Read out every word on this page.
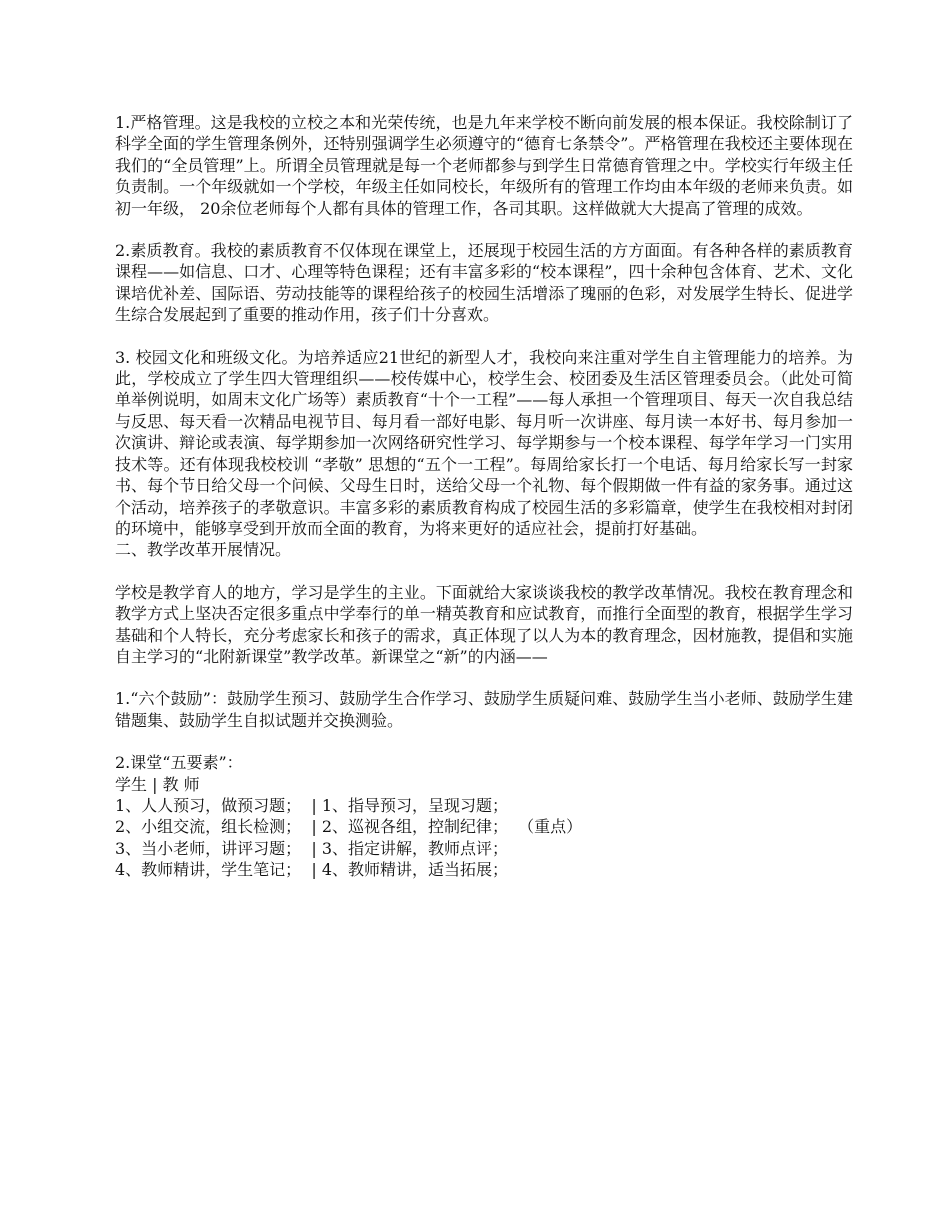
1.严格管理。这是我校的立校之本和光荣传统，也是九年来学校不断向前发展的根本保证。我校除制订了科学全面的学生管理条例外，还特别强调学生必须遵守的“德育七条禁令”。严格管理在我校还主要体现在我们的“全员管理”上。所谓全员管理就是每一个老师都参与到学生日常德育管理之中。学校实行年级主任负责制。一个年级就如一个学校，年级主任如同校长，年级所有的管理工作均由本年级的老师来负责。如初一年级， 20余位老师每个人都有具体的管理工作，各司其职。这样做就大大提高了管理的成效。

2.素质教育。我校的素质教育不仅体现在课堂上，还展现于校园生活的方方面面。有各种各样的素质教育课程——如信息、口才、心理等特色课程；还有丰富多彩的“校本课程”，四十余种包含体育、艺术、文化课培优补差、国际语、劳动技能等的课程给孩子的校园生活增添了瑰丽的色彩，对发展学生特长、促进学生综合发展起到了重要的推动作用，孩子们十分喜欢。

3. 校园文化和班级文化。为培养适应21世纪的新型人才，我校向来注重对学生自主管理能力的培养。为此，学校成立了学生四大管理组织——校传媒中心，校学生会、校团委及生活区管理委员会。（此处可简单举例说明，如周末文化广场等）素质教育“十个一工程”——每人承担一个管理项目、每天一次自我总结与反思、每天看一次精品电视节目、每月看一部好电影、每月听一次讲座、每月读一本好书、每月参加一次演讲、辩论或表演、每学期参加一次网络研究性学习、每学期参与一个校本课程、每学年学习一门实用技术等。还有体现我校校训 “孝敬” 思想的“五个一工程”。每周给家长打一个电话、每月给家长写一封家书、每个节日给父母一个问候、父母生日时，送给父母一个礼物、每个假期做一件有益的家务事。通过这个活动，培养孩子的孝敬意识。丰富多彩的素质教育构成了校园生活的多彩篇章，使学生在我校相对封闭的环境中，能够享受到开放而全面的教育，为将来更好的适应社会，提前打好基础。

二、教学改革开展情况。

学校是教学育人的地方，学习是学生的主业。下面就给大家谈谈我校的教学改革情况。我校在教育理念和教学方式上坚决否定很多重点中学奉行的单一精英教育和应试教育，而推行全面型的教育，根据学生学习基础和个人特长，充分考虑家长和孩子的需求，真正体现了以人为本的教育理念，因材施教，提倡和实施自主学习的“北附新课堂”教学改革。新课堂之“新”的内涵——

1.“六个鼓励”：鼓励学生预习、鼓励学生合作学习、鼓励学生质疑问难、鼓励学生当小老师、鼓励学生建错题集、鼓励学生自拟试题并交换测验。

2.课堂“五要素”：

学生 | 教 师

1、人人预习，做预习题；  | 1、指导预习，呈现习题；

2、小组交流，组长检测；  | 2、巡视各组，控制纪律；  （重点）

3、当小老师，讲评习题；  | 3、指定讲解，教师点评；

4、教师精讲，学生笔记；  | 4、教师精讲，适当拓展；
